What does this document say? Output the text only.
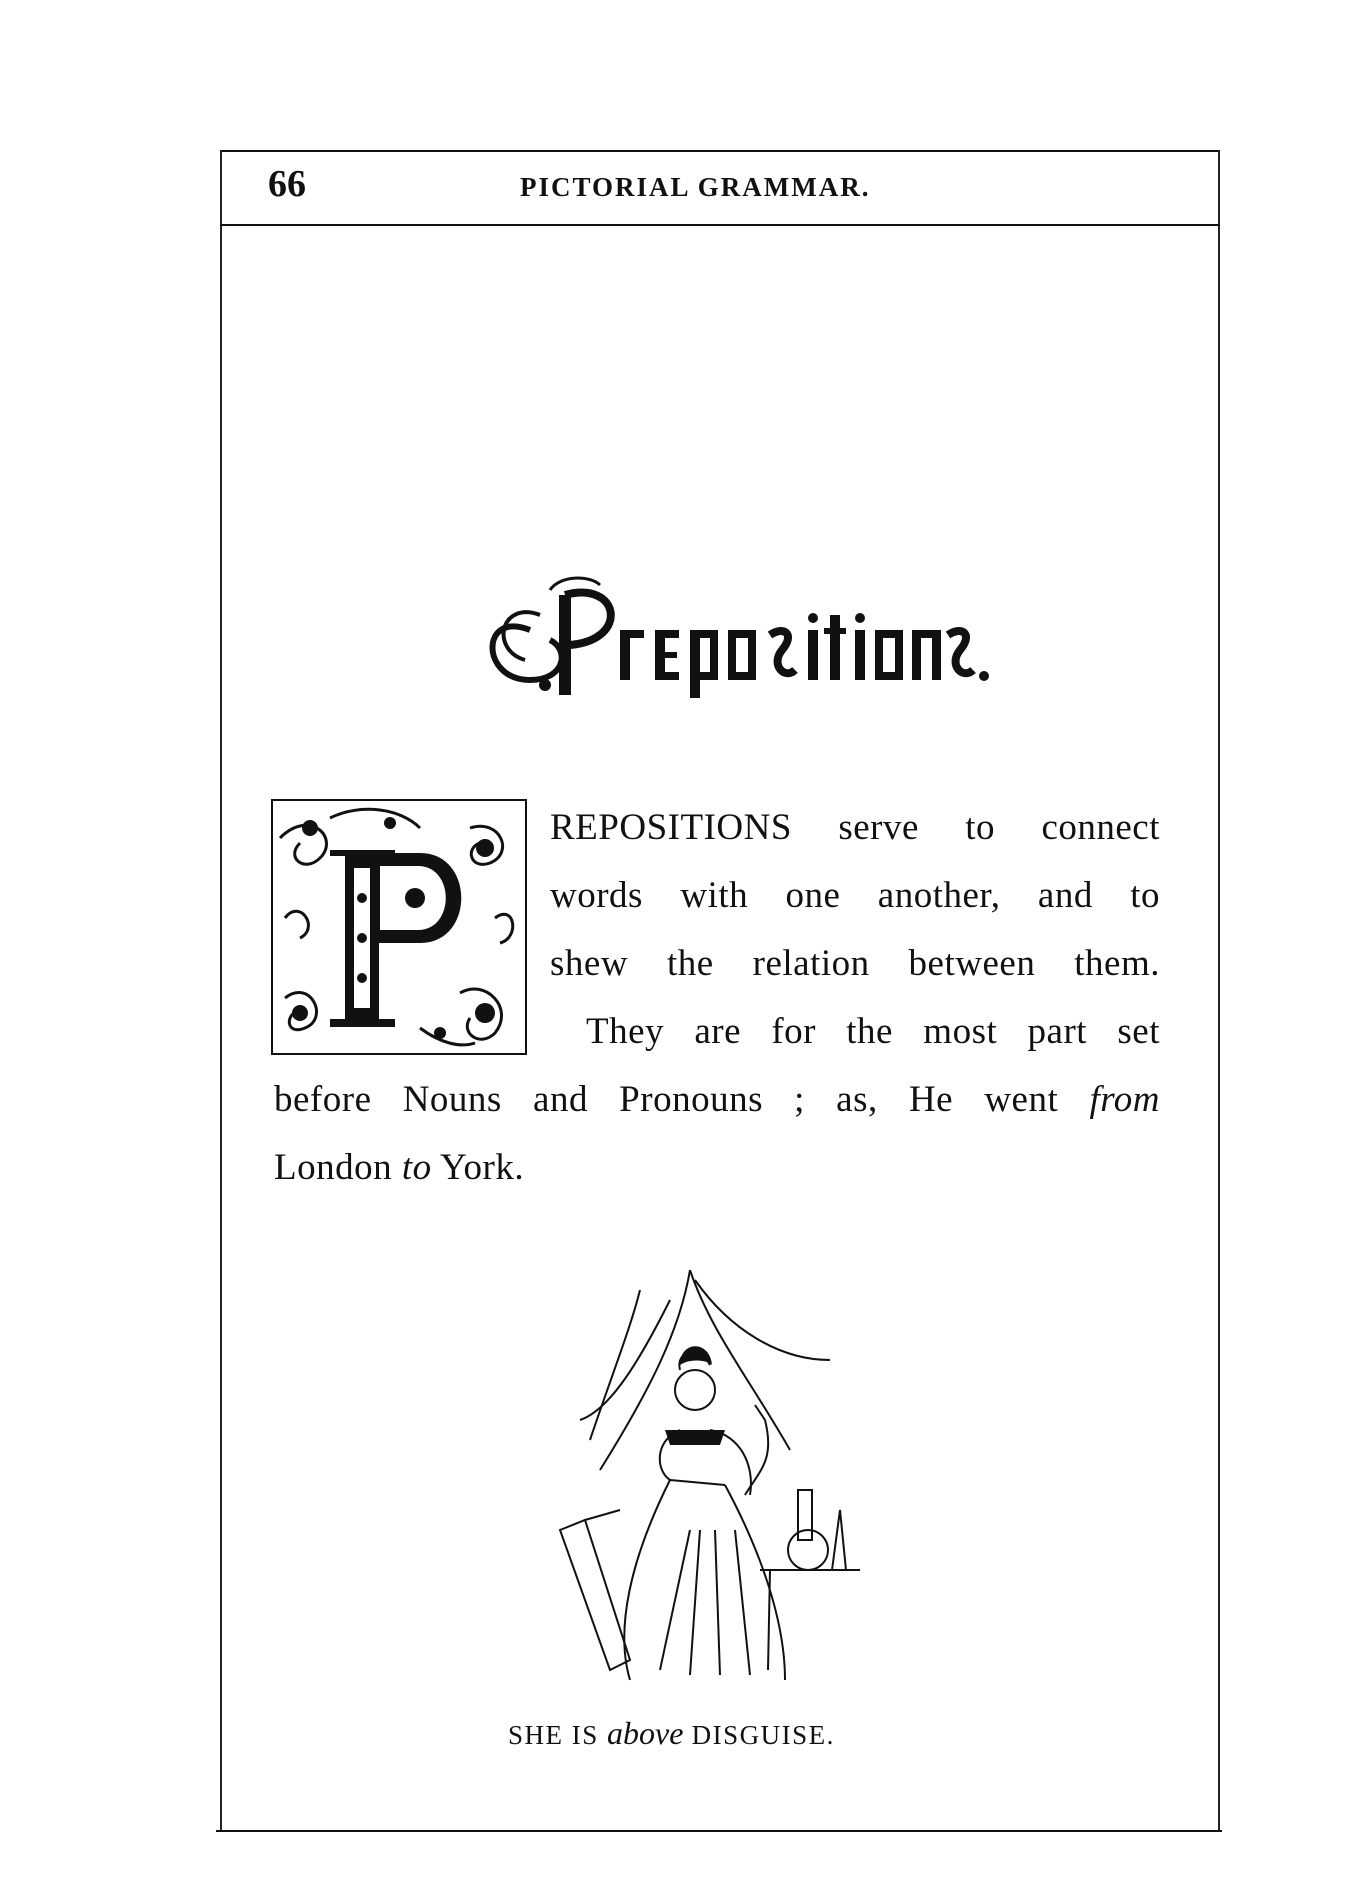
66	PICTORIAL GRAMMAR.
REPOSITIONS serve to connect
words with one another, and to
shew the relation between them.
They are for the most part set
before Nouns and Pronouns ; as, He went from
London to York.
SHE IS above DISGUISE.
